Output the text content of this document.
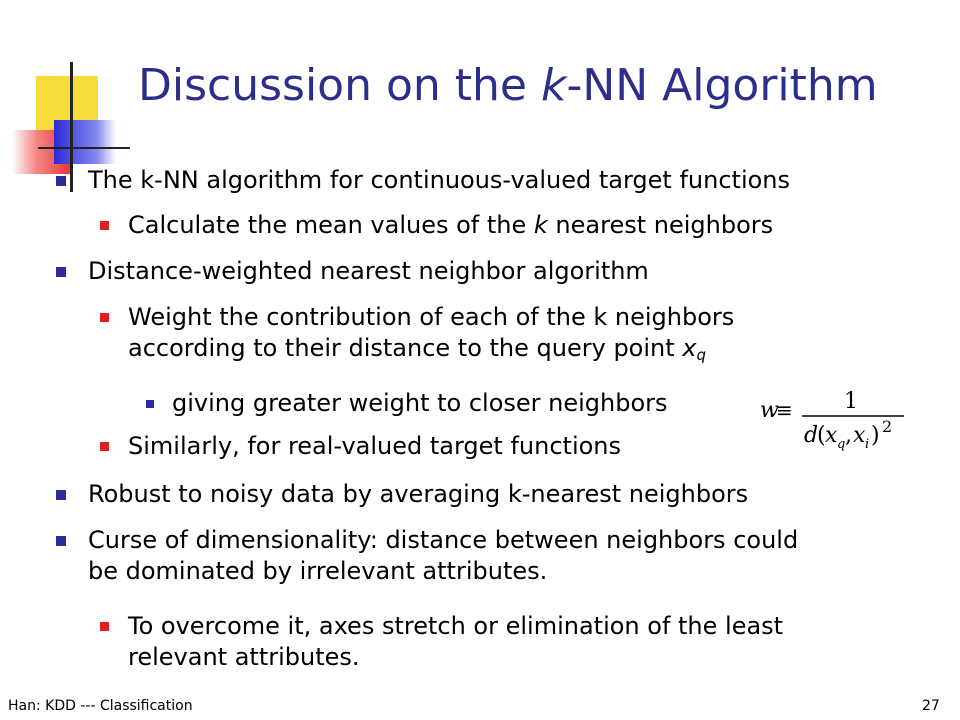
Discussion on the k-NN Algorithm
The k-NN algorithm for continuous-valued target functions
Calculate the mean values of the k nearest neighbors
Distance-weighted nearest neighbor algorithm
Weight the contribution of each of the k neighbors
according to their distance to the query point $x_q$
giving greater weight to closer neighbors
Similarly, for real-valued target functions
Robust to noisy data by averaging k-nearest neighbors
Curse of dimensionality: distance between neighbors could
be dominated by irrelevant attributes.
To overcome it, axes stretch or elimination of the least
relevant attributes.
w
≡ 1
d
( x q , x i ) 2
Han: KDD --- Classification	27
